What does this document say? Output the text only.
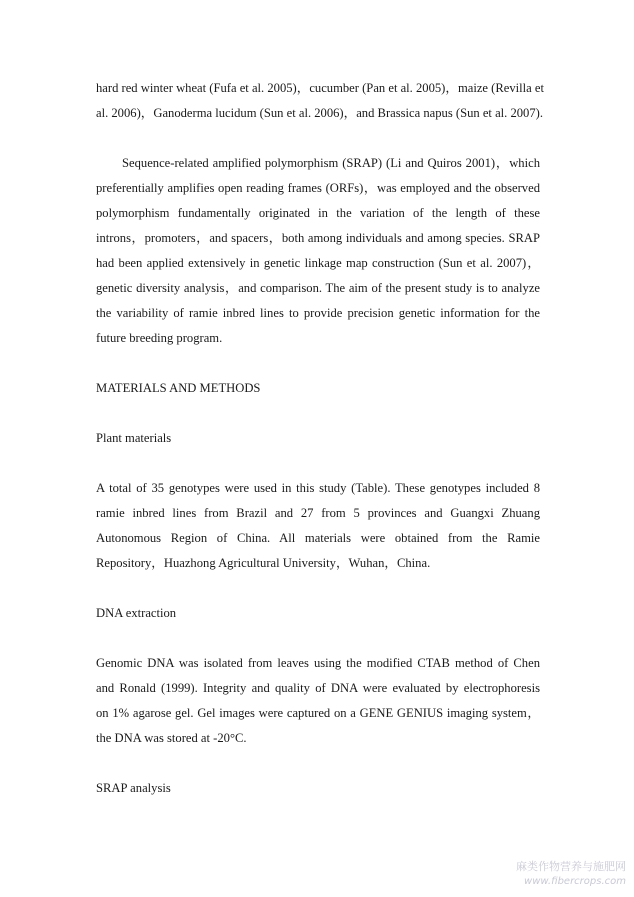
hard red winter wheat (Fufa et al. 2005)，cucumber (Pan et al. 2005)，maize (Revilla et
al. 2006)，Ganoderma lucidum (Sun et al. 2006)，and Brassica napus (Sun et al. 2007).
Sequence-related amplified polymorphism (SRAP) (Li and Quiros 2001)，which
preferentially amplifies open reading frames (ORFs)，was employed and the observed
polymorphism fundamentally originated in the variation of the length of these
introns，promoters，and spacers，both among individuals and among species. SRAP
had been applied extensively in genetic linkage map construction (Sun et al. 2007)，
genetic diversity analysis，and comparison. The aim of the present study is to analyze
the variability of ramie inbred lines to provide precision genetic information for the
future breeding program.
MATERIALS AND METHODS
Plant materials
A total of 35 genotypes were used in this study (Table). These genotypes included 8
ramie inbred lines from Brazil and 27 from 5 provinces and Guangxi Zhuang
Autonomous Region of China. All materials were obtained from the Ramie
Repository，Huazhong Agricultural University，Wuhan，China.
DNA extraction
Genomic DNA was isolated from leaves using the modified CTAB method of Chen
and Ronald (1999). Integrity and quality of DNA were evaluated by electrophoresis
on 1% agarose gel. Gel images were captured on a GENE GENIUS imaging system，
the DNA was stored at -20°C.
SRAP analysis
麻类作物营养与施肥网
www.fibercrops.com
